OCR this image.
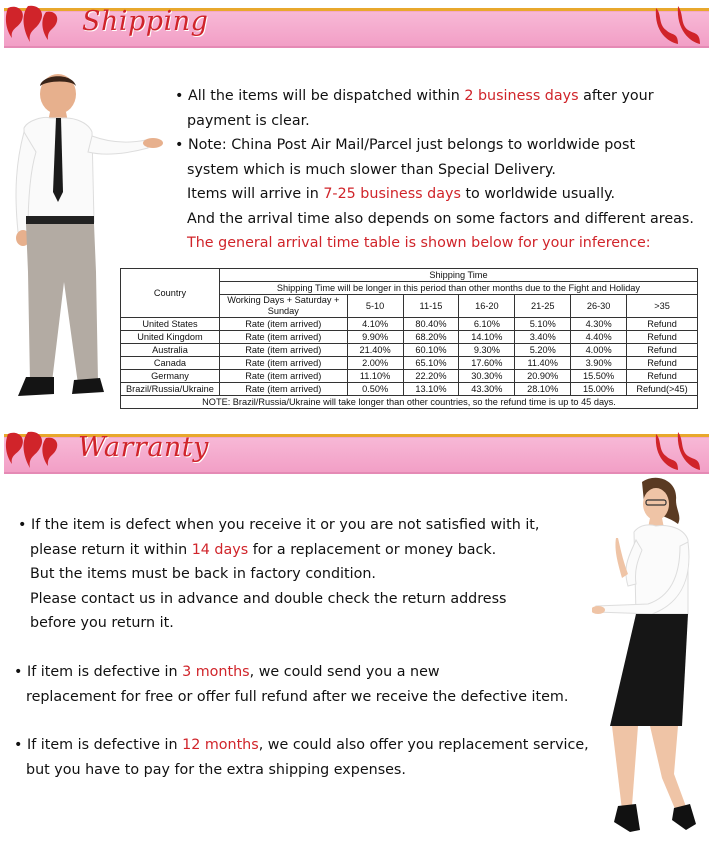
Shipping

• All the items will be dispatched within 2 business days after your

payment is clear.

• Note: China Post Air Mail/Parcel just belongs to worldwide post

system which is much slower than Special Delivery.

Items will arrive in 7-25 business days to worldwide usually.

And the arrival time also depends on some factors and different areas.

The general arrival time table is shown below for your inference:

Country	Shipping Time						
	Shipping Time will be longer in this period than other months due to the Fight and Holiday						
	Working Days + Saturday + Sunday	5-10	11-15	16-20	21-25	26-30	>35
United States	Rate (item arrived)	4.10%	80.40%	6.10%	5.10%	4.30%	Refund
United Kingdom	Rate (item arrived)	9.90%	68.20%	14.10%	3.40%	4.40%	Refund
Australia	Rate (item arrived)	21.40%	60.10%	9.30%	5.20%	4.00%	Refund
Canada	Rate (item arrived)	2.00%	65.10%	17.60%	11.40%	3.90%	Refund
Germany	Rate (item arrived)	11.10%	22.20%	30.30%	20.90%	15.50%	Refund
Brazil/Russia/Ukraine	Rate (item arrived)	0.50%	13.10%	43.30%	28.10%	15.00%	Refund(>45)
NOTE: Brazil/Russia/Ukraine will take longer than other countries, so the refund time is up to 45 days.							
Warranty

• If the item is defect when you receive it or you are not satisfied with it,

please return it within 14 days for a replacement or money back.

But the items must be back in factory condition.

Please contact us in advance and double check the return address

before you return it.

• If item is defective in 3 months, we could send you a new

replacement for free or offer full refund after we receive the defective item.

• If item is defective in 12 months, we could also offer you replacement service,

but you have to pay for the extra shipping expenses.
